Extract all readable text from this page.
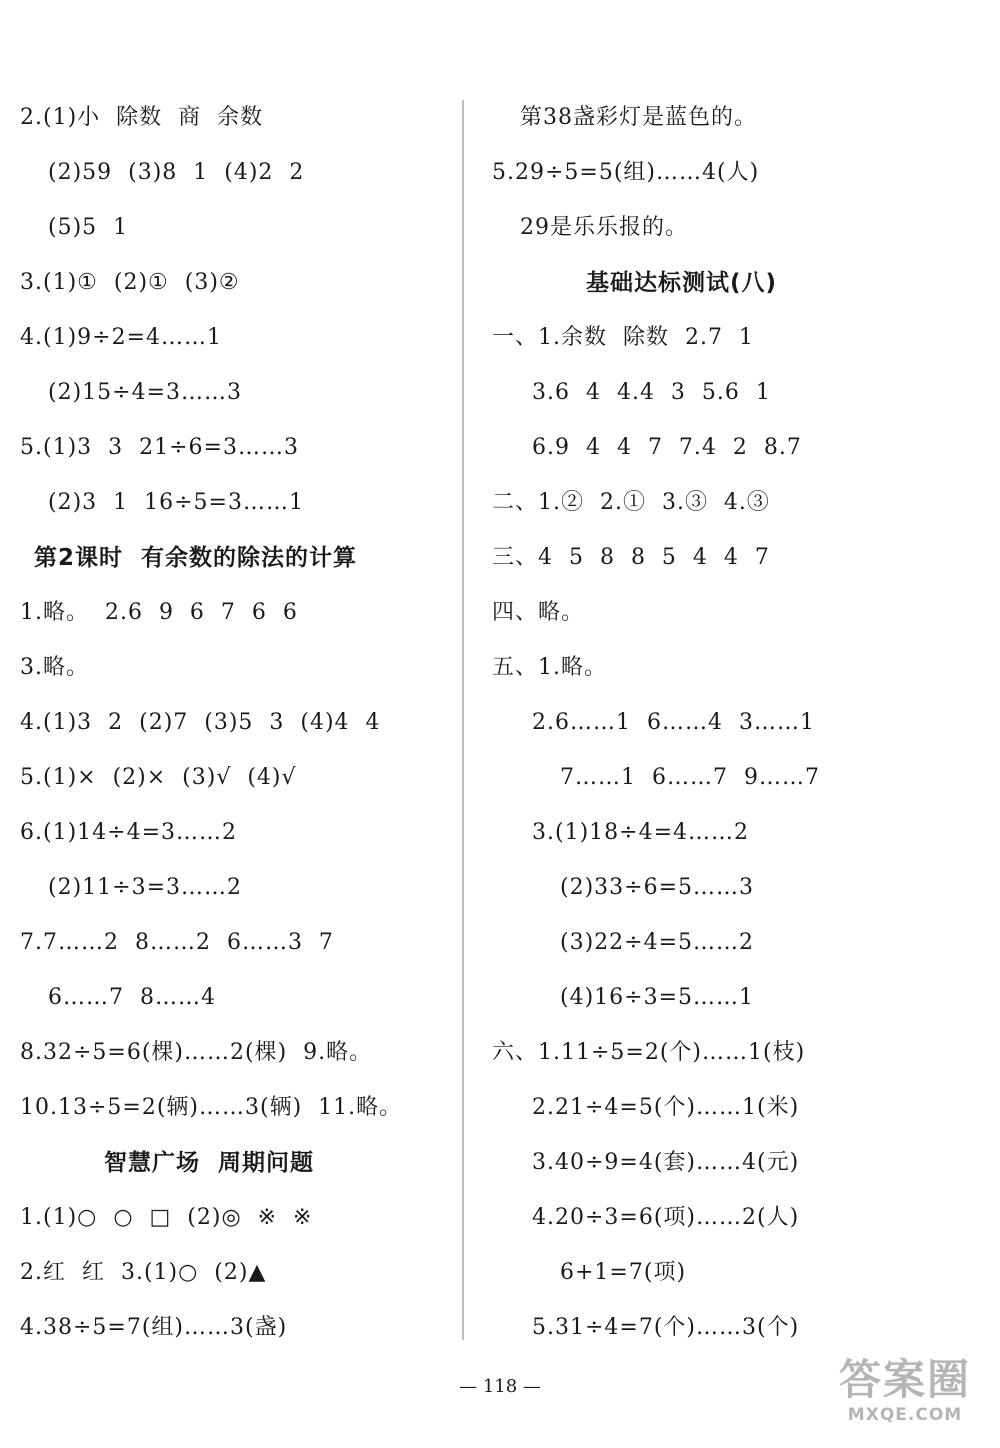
2.(1)小  除数  商  余数
(2)59  (3)8  1  (4)2  2
(5)5  1
3.(1)①  (2)①  (3)②
4.(1)9÷2=4……1
(2)15÷4=3……3
5.(1)3  3  21÷6=3……3
(2)3  1  16÷5=3……1
第2课时  有余数的除法的计算
1.略。  2.6  9  6  7  6  6
3.略。
4.(1)3  2  (2)7  (3)5  3  (4)4  4
5.(1)×  (2)×  (3)√  (4)√
6.(1)14÷4=3……2
(2)11÷3=3……2
7.7……2  8……2  6……3  7
6……7  8……4
8.32÷5=6(棵)……2(棵)  9.略。
10.13÷5=2(辆)……3(辆)  11.略。
智慧广场  周期问题
1.(1)○  ○  □  (2)◎  ※  ※
2.红  红  3.(1)○  (2)▲
4.38÷5=7(组)……3(盏)
第38盏彩灯是蓝色的。
5.29÷5=5(组)……4(人)
29是乐乐报的。
基础达标测试(八)
一、1.余数  除数  2.7  1
3.6  4  4.4  3  5.6  1
6.9  4  4  7  7.4  2  8.7
二、1.②  2.①  3.③  4.③
三、4  5  8  8  5  4  4  7
四、略。
五、1.略。
2.6……1  6……4  3……1
7……1  6……7  9……7
3.(1)18÷4=4……2
(2)33÷6=5……3
(3)22÷4=5……2
(4)16÷3=5……1
六、1.11÷5=2(个)……1(枝)
2.21÷4=5(个)……1(米)
3.40÷9=4(套)……4(元)
4.20÷3=6(项)……2(人)
6+1=7(项)
5.31÷4=7(个)……3(个)
— 118 —	答案圈
MXQE.COM
